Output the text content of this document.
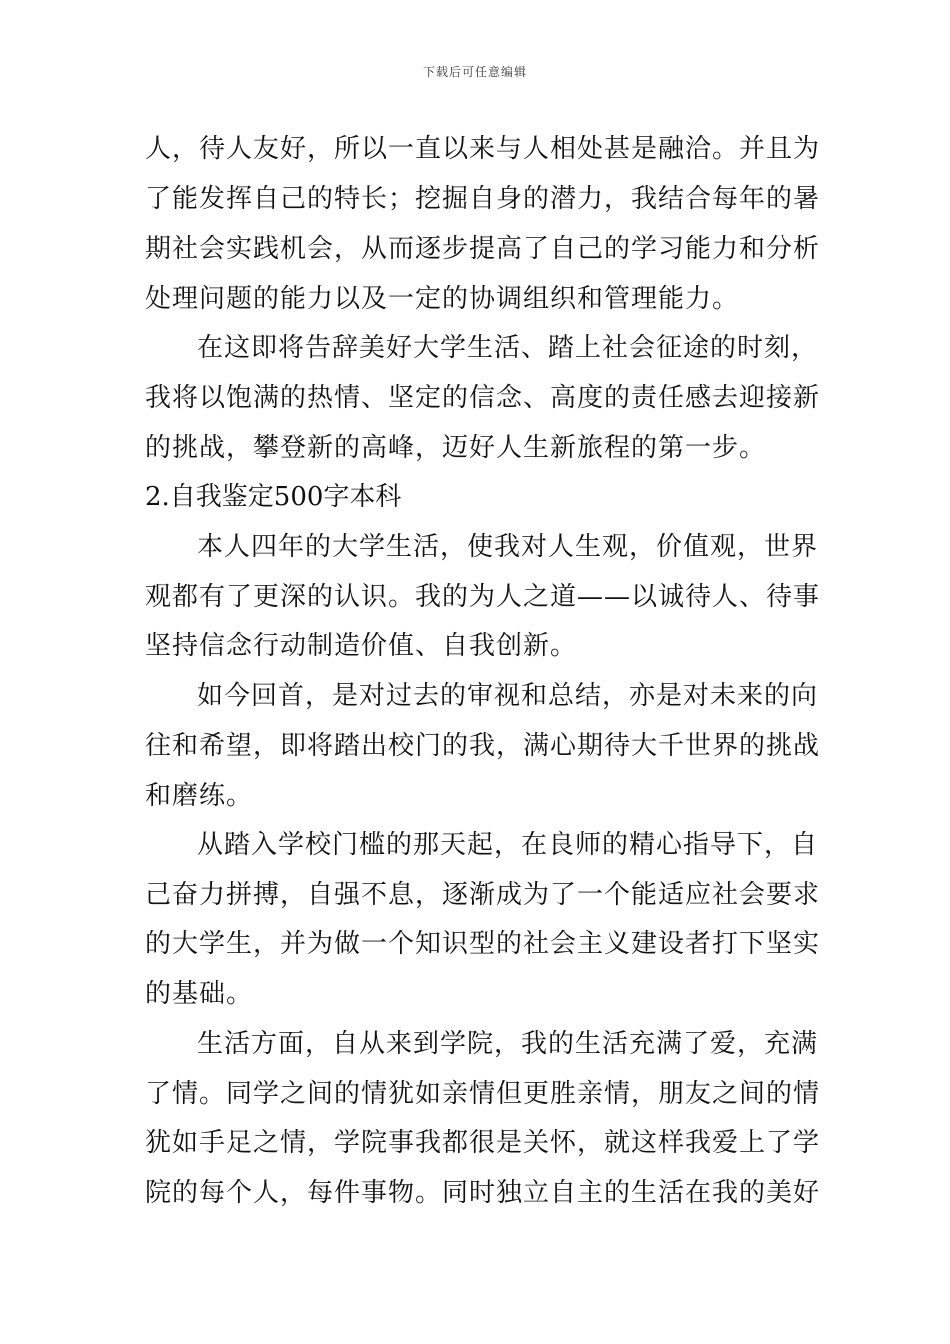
下载后可任意编辑
人，待人友好，所以一直以来与人相处甚是融洽。并且为
了能发挥自己的特长；挖掘自身的潜力，我结合每年的暑
期社会实践机会，从而逐步提高了自己的学习能力和分析
处理问题的能力以及一定的协调组织和管理能力。
在这即将告辞美好大学生活、踏上社会征途的时刻，
我将以饱满的热情、坚定的信念、高度的责任感去迎接新
的挑战，攀登新的高峰，迈好人生新旅程的第一步。
2.自我鉴定500字本科
本人四年的大学生活，使我对人生观，价值观，世界
观都有了更深的认识。我的为人之道——以诚待人、待事
坚持信念行动制造价值、自我创新。
如今回首，是对过去的审视和总结，亦是对未来的向
往和希望，即将踏出校门的我，满心期待大千世界的挑战
和磨练。
从踏入学校门槛的那天起，在良师的精心指导下，自
己奋力拼搏，自强不息，逐渐成为了一个能适应社会要求
的大学生，并为做一个知识型的社会主义建设者打下坚实
的基础。
生活方面，自从来到学院，我的生活充满了爱，充满
了情。同学之间的情犹如亲情但更胜亲情，朋友之间的情
犹如手足之情，学院事我都很是关怀，就这样我爱上了学
院的每个人，每件事物。同时独立自主的生活在我的美好
